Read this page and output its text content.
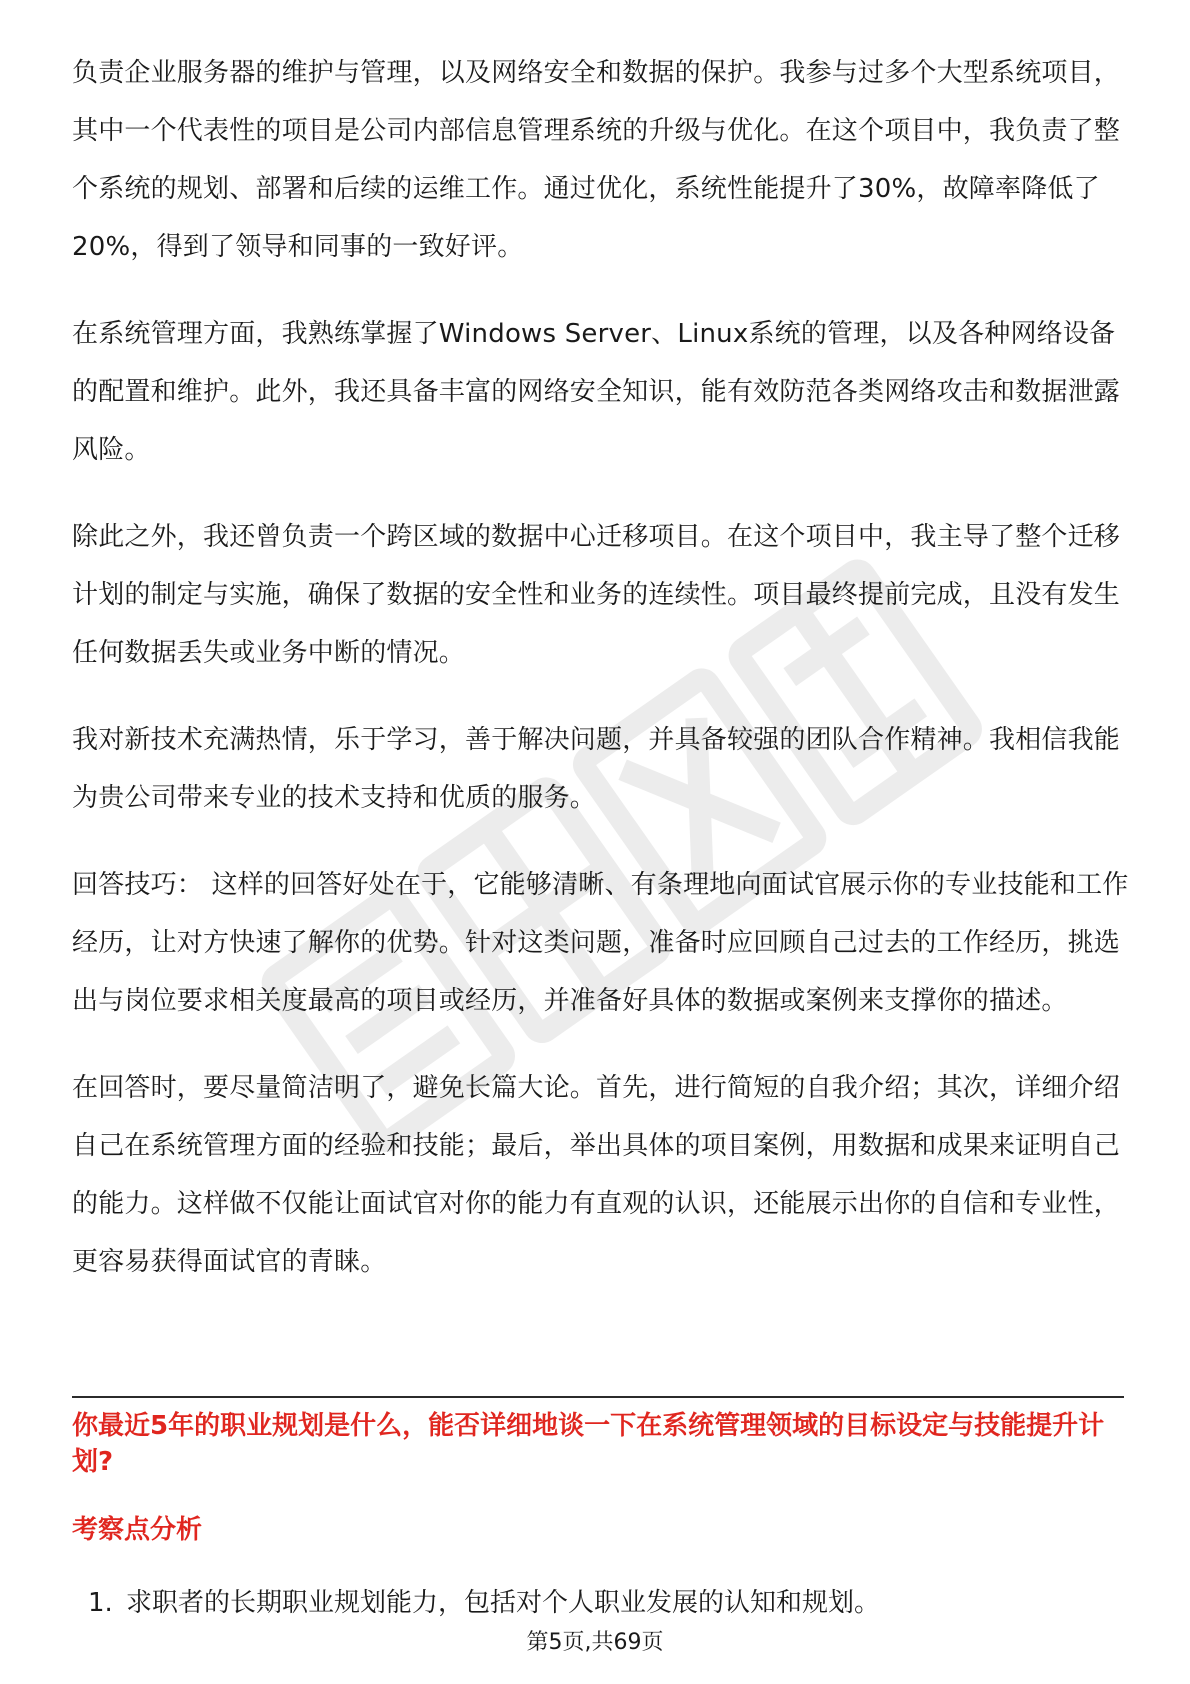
负责企业服务器的维护与管理，以及网络安全和数据的保护。我参与过多个大型系统项目，其中一个代表性的项目是公司内部信息管理系统的升级与优化。在这个项目中，我负责了整个系统的规划、部署和后续的运维工作。通过优化，系统性能提升了30%，故障率降低了20%，得到了领导和同事的一致好评。

在系统管理方面，我熟练掌握了Windows Server、Linux系统的管理，以及各种网络设备的配置和维护。此外，我还具备丰富的网络安全知识，能有效防范各类网络攻击和数据泄露风险。

除此之外，我还曾负责一个跨区域的数据中心迁移项目。在这个项目中，我主导了整个迁移计划的制定与实施，确保了数据的安全性和业务的连续性。项目最终提前完成，且没有发生任何数据丢失或业务中断的情况。

我对新技术充满热情，乐于学习，善于解决问题，并具备较强的团队合作精神。我相信我能为贵公司带来专业的技术支持和优质的服务。

回答技巧： 这样的回答好处在于，它能够清晰、有条理地向面试官展示你的专业技能和工作经历，让对方快速了解你的优势。针对这类问题，准备时应回顾自己过去的工作经历，挑选出与岗位要求相关度最高的项目或经历，并准备好具体的数据或案例来支撑你的描述。

在回答时，要尽量简洁明了，避免长篇大论。首先，进行简短的自我介绍；其次，详细介绍自己在系统管理方面的经验和技能；最后，举出具体的项目案例，用数据和成果来证明自己的能力。这样做不仅能让面试官对你的能力有直观的认识，还能展示出你的自信和专业性，更容易获得面试官的青睐。

你最近5年的职业规划是什么，能否详细地谈一下在系统管理领域的目标设定与技能提升计划?
考察点分析
1. 求职者的长期职业规划能力，包括对个人职业发展的认知和规划。
第5页,共69页
